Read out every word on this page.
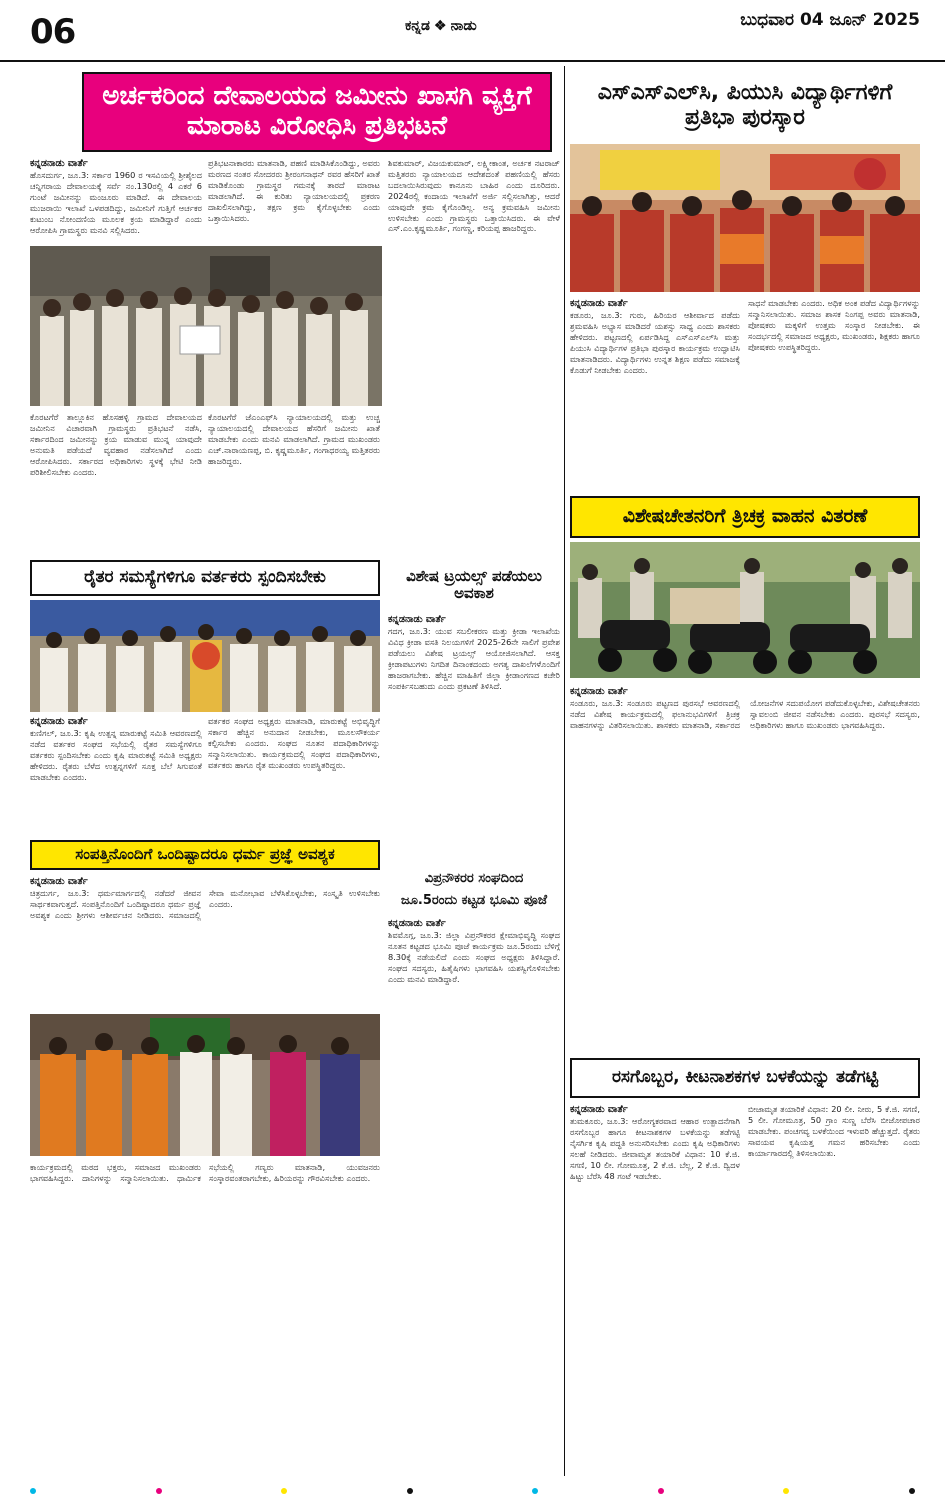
06	ಕನ್ನಡ ❖ ನಾಡು	ಬುಧವಾರ 04 ಜೂನ್ 2025
ಅರ್ಚಕರಿಂದ ದೇವಾಲಯದ ಜಮೀನು ಖಾಸಗಿ ವ್ಯಕ್ತಿಗೆ ಮಾರಾಟ ವಿರೋಧಿಸಿ ಪ್ರತಿಭಟನೆ
ಕನ್ನಡನಾಡು ವಾರ್ತೆ
ಹೊಸದುರ್ಗ, ಜೂ.3: ಸರ್ಕಾರ 1960 ರ ಇಸವಿಯಲ್ಲಿ ಶ್ರೀಶೈಲದ ಚನ್ನಿಗರಾಯ ದೇವಾಲಯಕ್ಕೆ ಸರ್ವೆ ನಂ.130ರಲ್ಲಿ 4 ಎಕರೆ 6 ಗುಂಟೆ ಜಮೀನನ್ನು ಮಂಜೂರು ಮಾಡಿದೆ. ಈ ದೇವಾಲಯ ಮುಜರಾಯಿ ಇಲಾಖೆ ಒಳಪಡದಿದ್ದು, ಜಮೀನಿಗೆ ಗುತ್ತಿಗೆ ಆರ್ಚಕರ ಕುಟುಂಬ ನೋಂದಣಿಯ ಮೂಲಕ ಕ್ರಯ ಮಾಡಿದ್ದಾರೆ ಎಂದು ಆರೋಪಿಸಿ ಗ್ರಾಮಸ್ಥರು ಮನವಿ ಸಲ್ಲಿಸಿದರು.
ಪ್ರತಿಭಟನಾಕಾರರು ಮಾತನಾಡಿ, ಪಹಣಿ ಮಾಡಿಸಿಕೊಂಡಿದ್ದು, ಅವರು ಮರಣದ ನಂತರ ಸೋದರರು ಶ್ರೀರಂಗನಾಥನ್ ರವರ ಹೆಸರಿಗೆ ಖಾತೆ ಮಾಡಿಕೊಂಡು ಗ್ರಾಮಸ್ಥರ ಗಮನಕ್ಕೆ ತಾರದೆ ಮಾರಾಟ ಮಾಡಲಾಗಿದೆ. ಈ ಕುರಿತು ನ್ಯಾಯಾಲಯದಲ್ಲಿ ಪ್ರಕರಣ ದಾಖಲಿಸಲಾಗಿದ್ದು, ತಕ್ಷಣ ಕ್ರಮ ಕೈಗೊಳ್ಳಬೇಕು ಎಂದು ಒತ್ತಾಯಿಸಿದರು.
ಶಿವಕುಮಾರ್, ವಿಜಯಕುಮಾರ್, ಲಕ್ಷ್ಮೀಕಾಂತ, ಅರ್ಚಕ ನಟರಾಜ್ ಮತ್ತಿತರರು ನ್ಯಾಯಾಲಯದ ಆದೇಶದಂತೆ ಪಹಣಿಯಲ್ಲಿ ಹೆಸರು ಬದಲಾಯಿಸಿರುವುದು ಕಾನೂನು ಬಾಹಿರ ಎಂದು ದೂರಿದರು. 2024ರಲ್ಲಿ ಕಂದಾಯ ಇಲಾಖೆಗೆ ಅರ್ಜಿ ಸಲ್ಲಿಸಲಾಗಿತ್ತು, ಆದರೆ ಯಾವುದೇ ಕ್ರಮ ಕೈಗೊಂಡಿಲ್ಲ. ಅನ್ಯ ಕ್ರಮವಹಿಸಿ ಜಮೀನು ಉಳಿಸಬೇಕು ಎಂದು ಗ್ರಾಮಸ್ಥರು ಒತ್ತಾಯಿಸಿದರು. ಈ ವೇಳೆ ಎಸ್.ಎಂ.ಕೃಷ್ಣಮೂರ್ತಿ, ಗಂಗಣ್ಣ, ಕರಿಯಪ್ಪ ಹಾಜರಿದ್ದರು.
ಕೊರಟಗೆರೆ ತಾಲ್ಲೂಕಿನ ಹೊಸಹಳ್ಳಿ ಗ್ರಾಮದ ದೇವಾಲಯದ ಜಮೀನಿನ ವಿಚಾರವಾಗಿ ಗ್ರಾಮಸ್ಥರು ಪ್ರತಿಭಟನೆ ನಡೆಸಿ, ಸರ್ಕಾರದಿಂದ ಜಮೀನನ್ನು ಕ್ರಯ ಮಾಡುವ ಮುನ್ನ ಯಾವುದೇ ಅನುಮತಿ ಪಡೆಯದೆ ವ್ಯವಹಾರ ನಡೆಸಲಾಗಿದೆ ಎಂದು ಆರೋಪಿಸಿದರು. ಸರ್ಕಾರದ ಅಧಿಕಾರಿಗಳು ಸ್ಥಳಕ್ಕೆ ಭೇಟಿ ನೀಡಿ ಪರಿಶೀಲಿಸಬೇಕು ಎಂದರು.
ಕೊರಟಗೆರೆ ಜೆಎಂಎಫ್‌ಸಿ ನ್ಯಾಯಾಲಯದಲ್ಲಿ ಮತ್ತು ಉಚ್ಚ ನ್ಯಾಯಾಲಯದಲ್ಲಿ ದೇವಾಲಯದ ಹೆಸರಿಗೆ ಜಮೀನು ಖಾತೆ ಮಾಡಬೇಕು ಎಂದು ಮನವಿ ಮಾಡಲಾಗಿದೆ. ಗ್ರಾಮದ ಮುಖಂಡರು ಎಚ್.ನಾರಾಯಣಪ್ಪ, ಬಿ. ಕೃಷ್ಣಮೂರ್ತಿ, ಗಂಗಾಧರಯ್ಯ ಮತ್ತಿತರರು ಹಾಜರಿದ್ದರು.
ಎಸ್‌ಎಸ್‌ಎಲ್‌ಸಿ, ಪಿಯುಸಿ ವಿದ್ಯಾರ್ಥಿಗಳಿಗೆ ಪ್ರತಿಭಾ ಪುರಸ್ಕಾರ
ಕನ್ನಡನಾಡು ವಾರ್ತೆ
ಕಡೂರು, ಜೂ.3: ಗುರು, ಹಿರಿಯರ ಆಶೀರ್ವಾದ ಪಡೆದು ಶ್ರಮವಹಿಸಿ ಅಭ್ಯಾಸ ಮಾಡಿದರೆ ಯಶಸ್ಸು ಸಾಧ್ಯ ಎಂದು ಶಾಸಕರು ಹೇಳಿದರು. ಪಟ್ಟಣದಲ್ಲಿ ಏರ್ಪಡಿಸಿದ್ದ ಎಸ್‌ಎಸ್‌ಎಲ್‌ಸಿ ಮತ್ತು ಪಿಯುಸಿ ವಿದ್ಯಾರ್ಥಿಗಳ ಪ್ರತಿಭಾ ಪುರಸ್ಕಾರ ಕಾರ್ಯಕ್ರಮ ಉದ್ಘಾಟಿಸಿ ಮಾತನಾಡಿದರು. ವಿದ್ಯಾರ್ಥಿಗಳು ಉನ್ನತ ಶಿಕ್ಷಣ ಪಡೆದು ಸಮಾಜಕ್ಕೆ ಕೊಡುಗೆ ನೀಡಬೇಕು ಎಂದರು.
ಸಾಧನೆ ಮಾಡಬೇಕು ಎಂದರು. ಅಧಿಕ ಅಂಕ ಪಡೆದ ವಿದ್ಯಾರ್ಥಿಗಳನ್ನು ಸನ್ಮಾನಿಸಲಾಯಿತು. ಸಮಾಜ ಶಾಸಕ ನಿಂಗಪ್ಪ ಅವರು ಮಾತನಾಡಿ, ಪೋಷಕರು ಮಕ್ಕಳಿಗೆ ಉತ್ತಮ ಸಂಸ್ಕಾರ ನೀಡಬೇಕು. ಈ ಸಂದರ್ಭದಲ್ಲಿ ಸಮಾಜದ ಅಧ್ಯಕ್ಷರು, ಮುಖಂಡರು, ಶಿಕ್ಷಕರು ಹಾಗೂ ಪೋಷಕರು ಉಪಸ್ಥಿತರಿದ್ದರು.
ವಿಶೇಷಚೇತನರಿಗೆ ತ್ರಿಚಕ್ರ ವಾಹನ ವಿತರಣೆ
ಕನ್ನಡನಾಡು ವಾರ್ತೆ
ಸಂಡೂರು, ಜೂ.3: ಸಂಡೂರು ಪಟ್ಟಣದ ಪುರಸಭೆ ಆವರಣದಲ್ಲಿ ನಡೆದ ವಿಶೇಷ ಕಾರ್ಯಕ್ರಮದಲ್ಲಿ ಫಲಾನುಭವಿಗಳಿಗೆ ತ್ರಿಚಕ್ರ ವಾಹನಗಳನ್ನು ವಿತರಿಸಲಾಯಿತು. ಶಾಸಕರು ಮಾತನಾಡಿ, ಸರ್ಕಾರದ ಯೋಜನೆಗಳ ಸದುಪಯೋಗ ಪಡೆದುಕೊಳ್ಳಬೇಕು, ವಿಶೇಷಚೇತನರು ಸ್ವಾವಲಂಬಿ ಜೀವನ ನಡೆಸಬೇಕು ಎಂದರು. ಪುರಸಭೆ ಸದಸ್ಯರು, ಅಧಿಕಾರಿಗಳು ಹಾಗೂ ಮುಖಂಡರು ಭಾಗವಹಿಸಿದ್ದರು.
ರೈತರ ಸಮಸ್ಯೆಗಳಿಗೂ ವರ್ತಕರು ಸ್ಪಂದಿಸಬೇಕು
ಕನ್ನಡನಾಡು ವಾರ್ತೆ
ಕುಣಿಗಲ್, ಜೂ.3: ಕೃಷಿ ಉತ್ಪನ್ನ ಮಾರುಕಟ್ಟೆ ಸಮಿತಿ ಆವರಣದಲ್ಲಿ ನಡೆದ ವರ್ತಕರ ಸಂಘದ ಸಭೆಯಲ್ಲಿ ರೈತರ ಸಮಸ್ಯೆಗಳಿಗೂ ವರ್ತಕರು ಸ್ಪಂದಿಸಬೇಕು ಎಂದು ಕೃಷಿ ಮಾರುಕಟ್ಟೆ ಸಮಿತಿ ಅಧ್ಯಕ್ಷರು ಹೇಳಿದರು. ರೈತರು ಬೆಳೆದ ಉತ್ಪನ್ನಗಳಿಗೆ ಸೂಕ್ತ ಬೆಲೆ ಸಿಗುವಂತೆ ಮಾಡಬೇಕು ಎಂದರು.
ವರ್ತಕರ ಸಂಘದ ಅಧ್ಯಕ್ಷರು ಮಾತನಾಡಿ, ಮಾರುಕಟ್ಟೆ ಅಭಿವೃದ್ಧಿಗೆ ಸರ್ಕಾರ ಹೆಚ್ಚಿನ ಅನುದಾನ ನೀಡಬೇಕು, ಮೂಲಸೌಕರ್ಯ ಕಲ್ಪಿಸಬೇಕು ಎಂದರು. ಸಂಘದ ನೂತನ ಪದಾಧಿಕಾರಿಗಳನ್ನು ಸನ್ಮಾನಿಸಲಾಯಿತು. ಕಾರ್ಯಕ್ರಮದಲ್ಲಿ ಸಂಘದ ಪದಾಧಿಕಾರಿಗಳು, ವರ್ತಕರು ಹಾಗೂ ರೈತ ಮುಖಂಡರು ಉಪಸ್ಥಿತರಿದ್ದರು.
ವಿಶೇಷ ಟ್ರಯಲ್ಸ್ ಪಡೆಯಲು ಅವಕಾಶ
ಕನ್ನಡನಾಡು ವಾರ್ತೆ
ಗದಗ, ಜೂ.3: ಯುವ ಸಬಲೀಕರಣ ಮತ್ತು ಕ್ರೀಡಾ ಇಲಾಖೆಯ ವಿವಿಧ ಕ್ರೀಡಾ ವಸತಿ ನಿಲಯಗಳಿಗೆ 2025-26ನೇ ಸಾಲಿಗೆ ಪ್ರವೇಶ ಪಡೆಯಲು ವಿಶೇಷ ಟ್ರಯಲ್ಸ್ ಆಯೋಜಿಸಲಾಗಿದೆ. ಆಸಕ್ತ ಕ್ರೀಡಾಪಟುಗಳು ನಿಗದಿತ ದಿನಾಂಕದಂದು ಅಗತ್ಯ ದಾಖಲೆಗಳೊಂದಿಗೆ ಹಾಜರಾಗಬೇಕು. ಹೆಚ್ಚಿನ ಮಾಹಿತಿಗೆ ಜಿಲ್ಲಾ ಕ್ರೀಡಾಂಗಣದ ಕಚೇರಿ ಸಂಪರ್ಕಿಸಬಹುದು ಎಂದು ಪ್ರಕಟಣೆ ತಿಳಿಸಿದೆ.
ವಿಪ್ರನೌಕರರ ಸಂಘದಿಂದ
ಜೂ.5ರಂದು ಕಟ್ಟಡ ಭೂಮಿ ಪೂಜೆ
ಕನ್ನಡನಾಡು ವಾರ್ತೆ
ಶಿವಮೊಗ್ಗ, ಜೂ.3: ಜಿಲ್ಲಾ ವಿಪ್ರನೌಕರರ ಕ್ಷೇಮಾಭಿವೃದ್ಧಿ ಸಂಘದ ನೂತನ ಕಟ್ಟಡದ ಭೂಮಿ ಪೂಜೆ ಕಾರ್ಯಕ್ರಮ ಜೂ.5ರಂದು ಬೆಳಿಗ್ಗೆ 8.30ಕ್ಕೆ ನಡೆಯಲಿದೆ ಎಂದು ಸಂಘದ ಅಧ್ಯಕ್ಷರು ತಿಳಿಸಿದ್ದಾರೆ. ಸಂಘದ ಸದಸ್ಯರು, ಹಿತೈಷಿಗಳು ಭಾಗವಹಿಸಿ ಯಶಸ್ವಿಗೊಳಿಸಬೇಕು ಎಂದು ಮನವಿ ಮಾಡಿದ್ದಾರೆ.
ಸಂಪತ್ತಿನೊಂದಿಗೆ ಒಂದಿಷ್ಟಾದರೂ ಧರ್ಮ ಪ್ರಜ್ಞೆ ಅವಶ್ಯಕ
ಕನ್ನಡನಾಡು ವಾರ್ತೆ
ಚಿತ್ರದುರ್ಗ, ಜೂ.3: ಧರ್ಮಮಾರ್ಗದಲ್ಲಿ ನಡೆದರೆ ಜೀವನ ಸಾರ್ಥಕವಾಗುತ್ತದೆ. ಸಂಪತ್ತಿನೊಂದಿಗೆ ಒಂದಿಷ್ಟಾದರೂ ಧರ್ಮ ಪ್ರಜ್ಞೆ ಅವಶ್ಯಕ ಎಂದು ಶ್ರೀಗಳು ಆಶೀರ್ವಚನ ನೀಡಿದರು. ಸಮಾಜದಲ್ಲಿ ಸೇವಾ ಮನೋಭಾವ ಬೆಳೆಸಿಕೊಳ್ಳಬೇಕು, ಸಂಸ್ಕೃತಿ ಉಳಿಸಬೇಕು ಎಂದರು.
ಕಾರ್ಯಕ್ರಮದಲ್ಲಿ ಮಠದ ಭಕ್ತರು, ಸಮಾಜದ ಮುಖಂಡರು ಭಾಗವಹಿಸಿದ್ದರು. ದಾನಿಗಳನ್ನು ಸನ್ಮಾನಿಸಲಾಯಿತು. ಧಾರ್ಮಿಕ ಸಭೆಯಲ್ಲಿ ಗಣ್ಯರು ಮಾತನಾಡಿ, ಯುವಜನರು ಸಂಸ್ಕಾರವಂತರಾಗಬೇಕು, ಹಿರಿಯರನ್ನು ಗೌರವಿಸಬೇಕು ಎಂದರು.
ರಸಗೊಬ್ಬರ, ಕೀಟನಾಶಕಗಳ ಬಳಕೆಯನ್ನು ತಡೆಗಟ್ಟಿ
ಕನ್ನಡನಾಡು ವಾರ್ತೆ
ತುಮಕೂರು, ಜೂ.3: ಆರೋಗ್ಯಕರವಾದ ಆಹಾರ ಉತ್ಪಾದನೆಗಾಗಿ ರಸಗೊಬ್ಬರ ಹಾಗೂ ಕೀಟನಾಶಕಗಳ ಬಳಕೆಯನ್ನು ತಡೆಗಟ್ಟಿ ನೈಸರ್ಗಿಕ ಕೃಷಿ ಪದ್ಧತಿ ಅನುಸರಿಸಬೇಕು ಎಂದು ಕೃಷಿ ಅಧಿಕಾರಿಗಳು ಸಲಹೆ ನೀಡಿದರು. ಜೀವಾಮೃತ ತಯಾರಿಕೆ ವಿಧಾನ: 10 ಕೆ.ಜಿ. ಸಗಣಿ, 10 ಲೀ. ಗೋಮೂತ್ರ, 2 ಕೆ.ಜಿ. ಬೆಲ್ಲ, 2 ಕೆ.ಜಿ. ದ್ವಿದಳ ಹಿಟ್ಟು ಬೆರೆಸಿ 48 ಗಂಟೆ ಇಡಬೇಕು.
ಬೀಜಾಮೃತ ತಯಾರಿಕೆ ವಿಧಾನ: 20 ಲೀ. ನೀರು, 5 ಕೆ.ಜಿ. ಸಗಣಿ, 5 ಲೀ. ಗೋಮೂತ್ರ, 50 ಗ್ರಾಂ ಸುಣ್ಣ ಬೆರೆಸಿ ಬೀಜೋಪಚಾರ ಮಾಡಬೇಕು. ಪಂಚಗವ್ಯ ಬಳಕೆಯಿಂದ ಇಳುವರಿ ಹೆಚ್ಚುತ್ತದೆ. ರೈತರು ಸಾವಯವ ಕೃಷಿಯತ್ತ ಗಮನ ಹರಿಸಬೇಕು ಎಂದು ಕಾರ್ಯಾಗಾರದಲ್ಲಿ ತಿಳಿಸಲಾಯಿತು.
